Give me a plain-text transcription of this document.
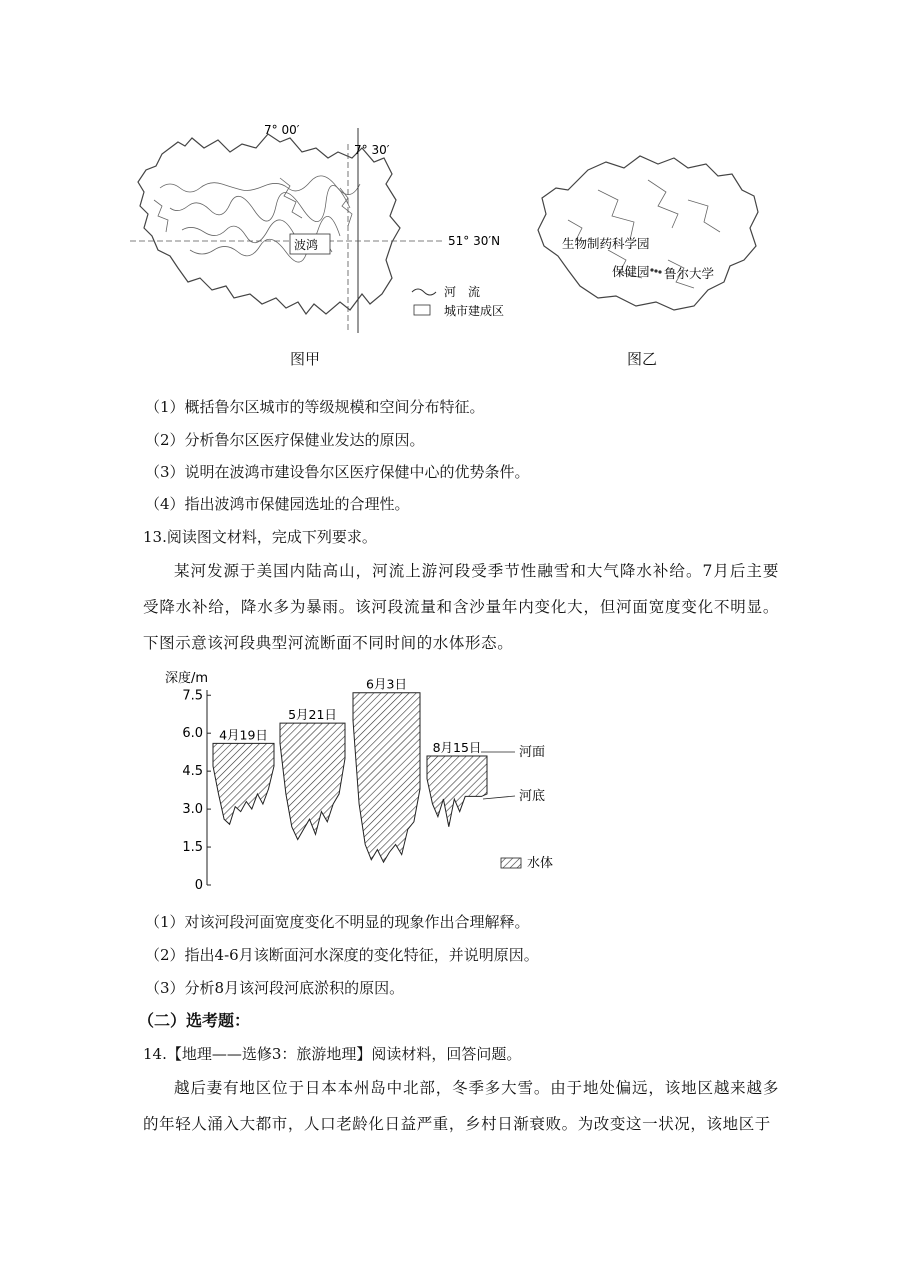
波鸿
7° 00′
7° 30′
51° 30′N
河　流
城市建成区
图甲
生物制药科学园
保健园 鲁尔大学
图乙
（1）概括鲁尔区城市的等级规模和空间分布特征。
（2）分析鲁尔区医疗保健业发达的原因。
（3）说明在波鸿市建设鲁尔区医疗保健中心的优势条件。
（4）指出波鸿市保健园选址的合理性。
13.阅读图文材料，完成下列要求。

某河发源于美国内陆高山，河流上游河段受季节性融雪和大气降水补给。7月后主要受降水补给，降水多为暴雨。该河段流量和含沙量年内变化大，但河面宽度变化不明显。下图示意该河段典型河流断面不同时间的水体形态。

深度/m
0
1.5
3.0
4.5
6.0
7.5
4月19日
5月21日
6月3日
8月15日	河面
河底
水体
（1）对该河段河面宽度变化不明显的现象作出合理解释。
（2）指出4-6月该断面河水深度的变化特征，并说明原因。
（3）分析8月该河段河底淤积的原因。
（二）选考题：
14.【地理——选修3：旅游地理】阅读材料，回答问题。

越后妻有地区位于日本本州岛中北部，冬季多大雪。由于地处偏远，该地区越来越多的年轻人涌入大都市，人口老龄化日益严重，乡村日渐衰败。为改变这一状况，该地区于
